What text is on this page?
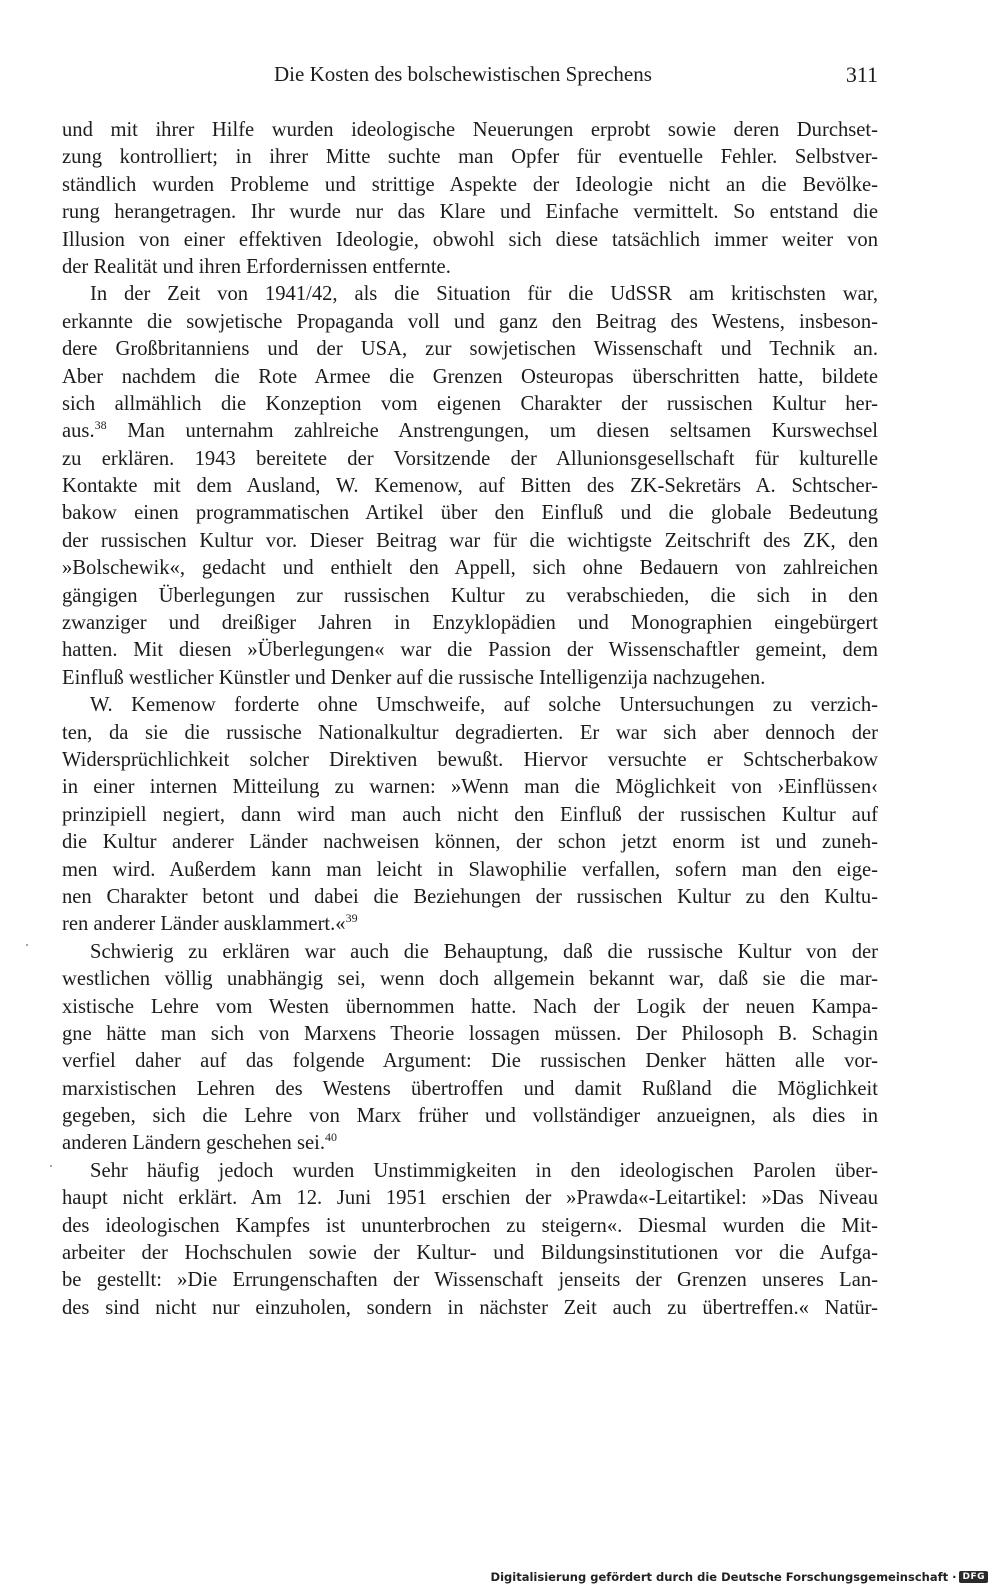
Die Kosten des bolschewistischen Sprechens	311
und mit ihrer Hilfe wurden ideologische Neuerungen erprobt sowie deren Durchset-
zung kontrolliert; in ihrer Mitte suchte man Opfer für eventuelle Fehler. Selbstver-
ständlich wurden Probleme und strittige Aspekte der Ideologie nicht an die Bevölke-
rung herangetragen. Ihr wurde nur das Klare und Einfache vermittelt. So entstand die
Illusion von einer effektiven Ideologie, obwohl sich diese tatsächlich immer weiter von
der Realität und ihren Erfordernissen entfernte.
In der Zeit von 1941/42, als die Situation für die UdSSR am kritischsten war,
erkannte die sowjetische Propaganda voll und ganz den Beitrag des Westens, insbeson-
dere Großbritanniens und der USA, zur sowjetischen Wissenschaft und Technik an.
Aber nachdem die Rote Armee die Grenzen Osteuropas überschritten hatte, bildete
sich allmählich die Konzeption vom eigenen Charakter der russischen Kultur her-
aus.$^{38}$ Man unternahm zahlreiche Anstrengungen, um diesen seltsamen Kurswechsel
zu erklären. 1943 bereitete der Vorsitzende der Allunionsgesellschaft für kulturelle
Kontakte mit dem Ausland, W. Kemenow, auf Bitten des ZK-Sekretärs A. Schtscher-
bakow einen programmatischen Artikel über den Einfluß und die globale Bedeutung
der russischen Kultur vor. Dieser Beitrag war für die wichtigste Zeitschrift des ZK, den
»Bolschewik«, gedacht und enthielt den Appell, sich ohne Bedauern von zahlreichen
gängigen Überlegungen zur russischen Kultur zu verabschieden, die sich in den
zwanziger und dreißiger Jahren in Enzyklopädien und Monographien eingebürgert
hatten. Mit diesen »Überlegungen« war die Passion der Wissenschaftler gemeint, dem
Einfluß westlicher Künstler und Denker auf die russische Intelligenzija nachzugehen.
W. Kemenow forderte ohne Umschweife, auf solche Untersuchungen zu verzich-
ten, da sie die russische Nationalkultur degradierten. Er war sich aber dennoch der
Widersprüchlichkeit solcher Direktiven bewußt. Hiervor versuchte er Schtscherbakow
in einer internen Mitteilung zu warnen: »Wenn man die Möglichkeit von ›Einflüssen‹
prinzipiell negiert, dann wird man auch nicht den Einfluß der russischen Kultur auf
die Kultur anderer Länder nachweisen können, der schon jetzt enorm ist und zuneh-
men wird. Außerdem kann man leicht in Slawophilie verfallen, sofern man den eige-
nen Charakter betont und dabei die Beziehungen der russischen Kultur zu den Kultu-
ren anderer Länder ausklammert.«$^{39}$
Schwierig zu erklären war auch die Behauptung, daß die russische Kultur von der
westlichen völlig unabhängig sei, wenn doch allgemein bekannt war, daß sie die mar-
xistische Lehre vom Westen übernommen hatte. Nach der Logik der neuen Kampa-
gne hätte man sich von Marxens Theorie lossagen müssen. Der Philosoph B. Schagin
verfiel daher auf das folgende Argument: Die russischen Denker hätten alle vor-
marxistischen Lehren des Westens übertroffen und damit Rußland die Möglichkeit
gegeben, sich die Lehre von Marx früher und vollständiger anzueignen, als dies in
anderen Ländern geschehen sei.$^{40}$
Sehr häufig jedoch wurden Unstimmigkeiten in den ideologischen Parolen über-
haupt nicht erklärt. Am 12. Juni 1951 erschien der »Prawda«-Leitartikel: »Das Niveau
des ideologischen Kampfes ist ununterbrochen zu steigern«. Diesmal wurden die Mit-
arbeiter der Hochschulen sowie der Kultur- und Bildungsinstitutionen vor die Aufga-
be gestellt: »Die Errungenschaften der Wissenschaft jenseits der Grenzen unseres Lan-
des sind nicht nur einzuholen, sondern in nächster Zeit auch zu übertreffen.« Natür-
Digitalisierung gefördert durch die Deutsche Forschungsgemeinschaft · DFG
